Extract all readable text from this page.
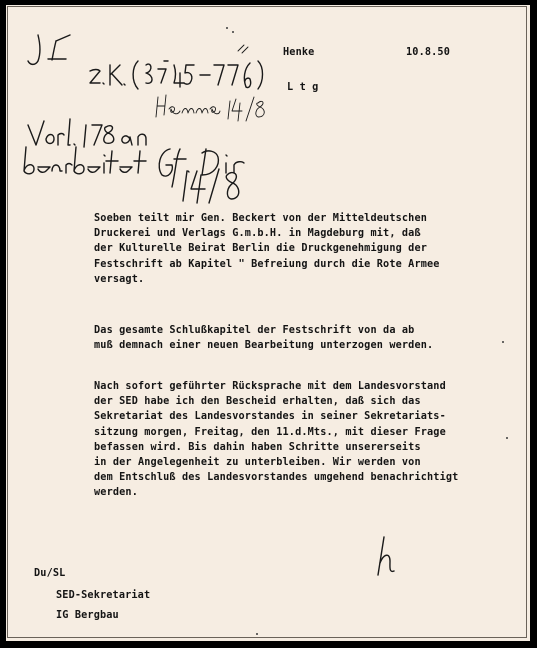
Henke	10.8.50
L t g
Soeben teilt mir Gen. Beckert von der Mitteldeutschen
Druckerei und Verlags G.m.b.H. in Magdeburg mit, daß
der Kulturelle Beirat Berlin die Druckgenehmigung der
Festschrift ab Kapitel " Befreiung durch die Rote Armee
versagt.
Das gesamte Schlußkapitel der Festschrift von da ab
muß demnach einer neuen Bearbeitung unterzogen werden.
Nach sofort geführter Rücksprache mit dem Landesvorstand
der SED habe ich den Bescheid erhalten, daß sich das
Sekretariat des Landesvorstandes in seiner Sekretariats-
sitzung morgen, Freitag, den 11.d.Mts., mit dieser Frage
befassen wird. Bis dahin haben Schritte unsererseits
in der Angelegenheit zu unterbleiben. Wir werden von
dem Entschluß des Landesvorstandes umgehend benachrichtigt
werden.
Du/SL
SED-Sekretariat
IG Bergbau
